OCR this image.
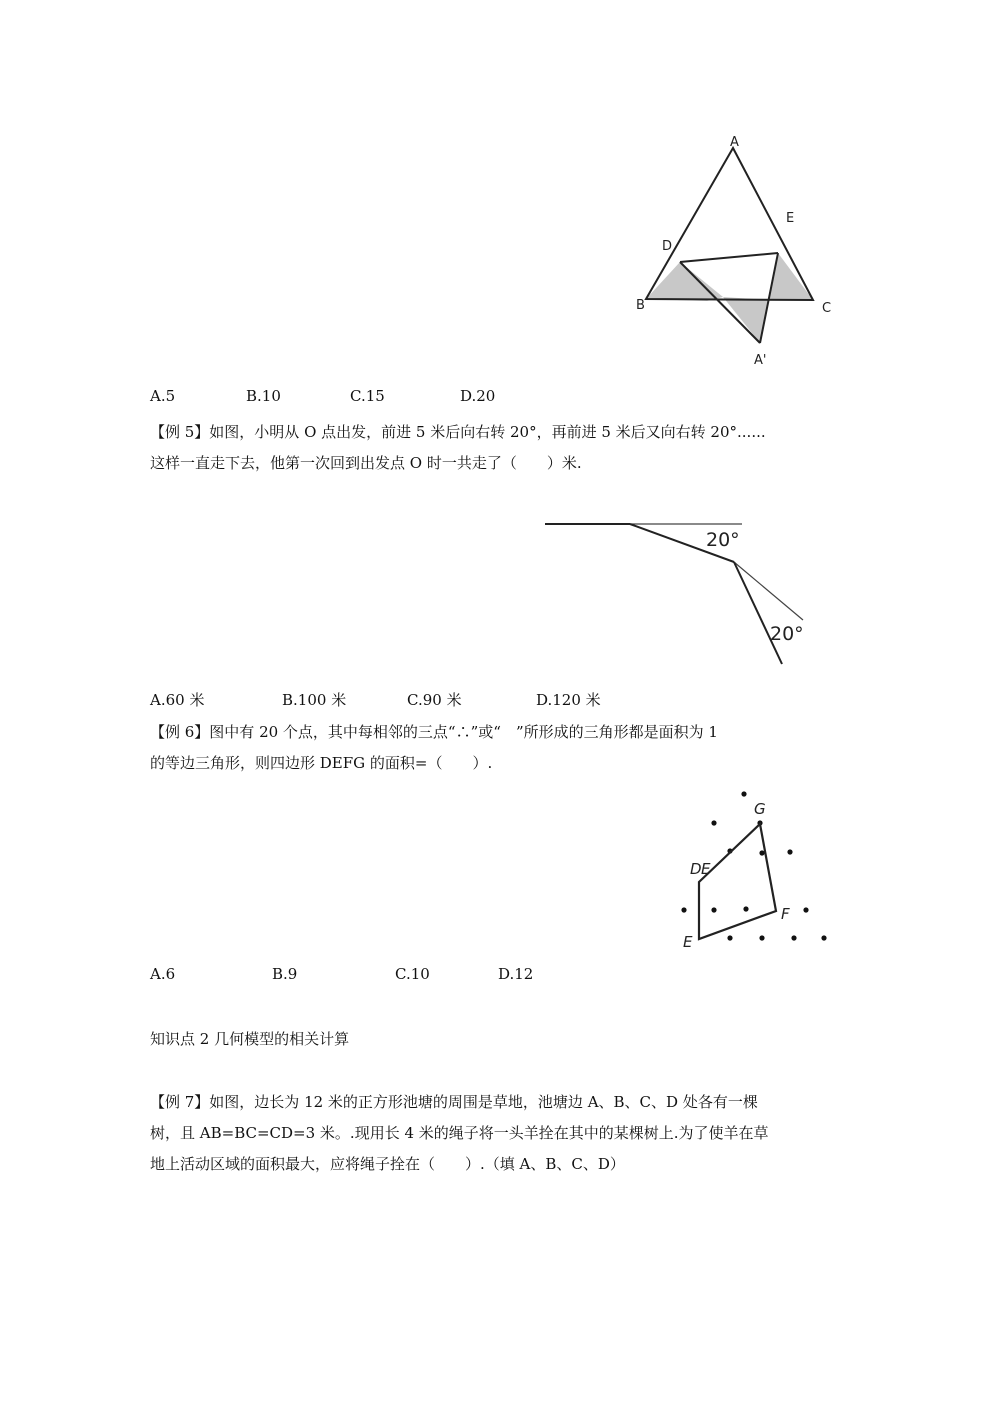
A
E
D
B	C
A'
A.5	B.10	C.15	D.20
【例 5】如图，小明从 O 点出发，前进 5 米后向右转 20°，再前进 5 米后又向右转 20°......
这样一直走下去，他第一次回到出发点 O 时一共走了（　　）米.
20°
20°
A.60 米	B.100 米	C.90 米	D.120 米
【例 6】图中有 20 个点，其中每相邻的三点“∴”或“　”所形成的三角形都是面积为 1
的等边三角形，则四边形 DEFG 的面积=（　　）.
G
D E
F
E
A.6	B.9	C.10	D.12
知识点 2 几何模型的相关计算
【例 7】如图，边长为 12 米的正方形池塘的周围是草地，池塘边 A、B、C、D 处各有一棵
树，且 AB=BC=CD=3 米。.现用长 4 米的绳子将一头羊拴在其中的某棵树上.为了使羊在草
地上活动区域的面积最大，应将绳子拴在（　　）.（填 A、B、C、D）
